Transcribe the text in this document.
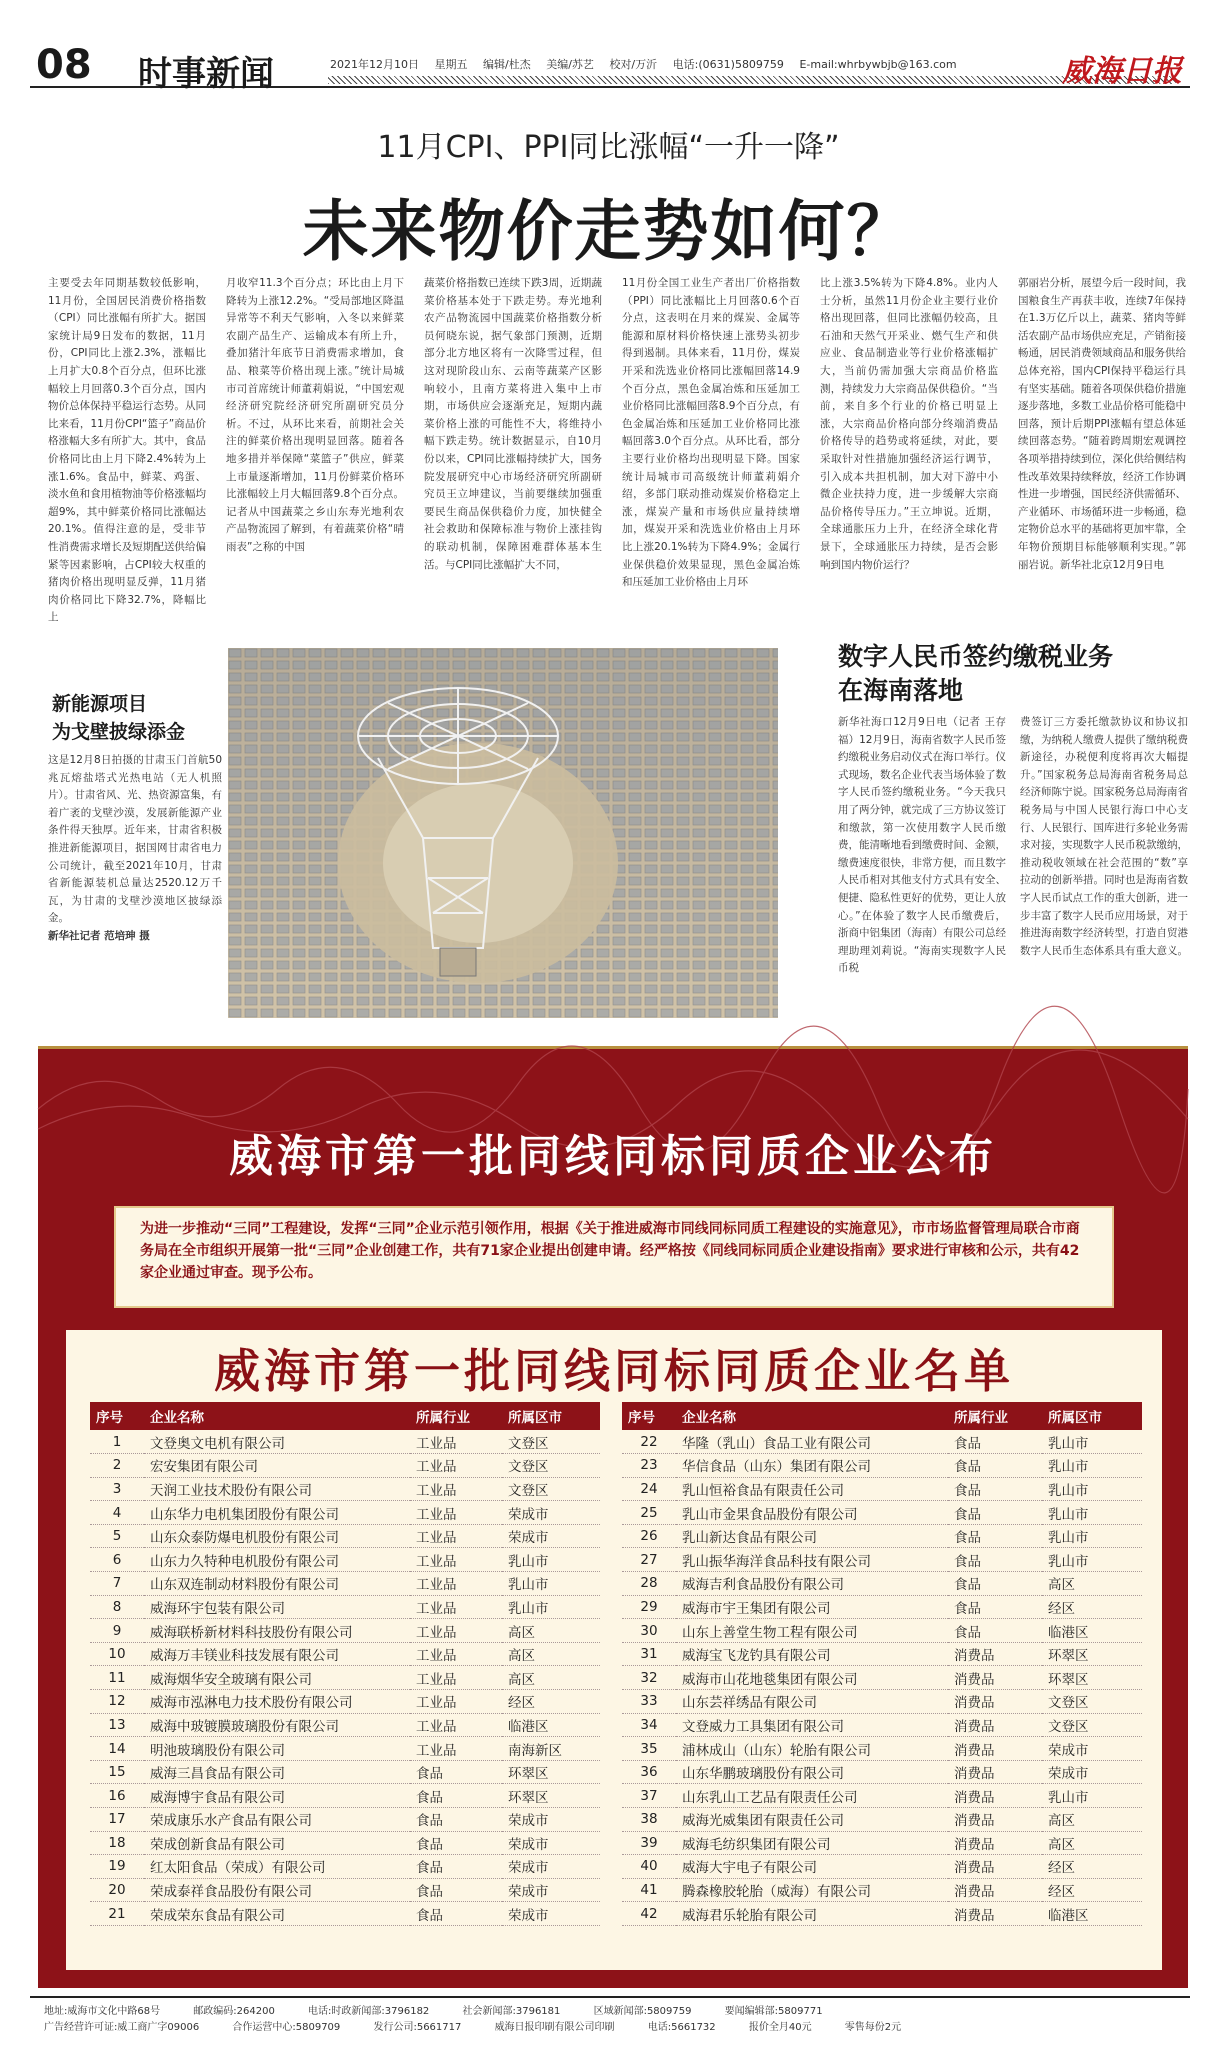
08 时事新闻	2021年12月10日 星期五 编辑/杜杰 美编/苏艺 校对/万沂 电话:(0631)5809759 E-mail:whrbywbjb@163.com	威海日报
11月CPI、PPI同比涨幅“一升一降”
未来物价走势如何？
主要受去年同期基数较低影响，11月份，全国居民消费价格指数（CPI）同比涨幅有所扩大。据国家统计局9日发布的数据，11月份，CPI同比上涨2.3%，涨幅比上月扩大0.8个百分点，但环比涨幅较上月回落0.3个百分点，国内物价总体保持平稳运行态势。从同比来看，11月份CPI“篮子”商品价格涨幅大多有所扩大。其中，食品价格同比由上月下降2.4%转为上涨1.6%。食品中，鲜菜、鸡蛋、淡水鱼和食用植物油等价格涨幅均超9%，其中鲜菜价格同比涨幅达20.1%。值得注意的是，受非节性消费需求增长及短期配送供给偏紧等因素影响，占CPI较大权重的猪肉价格出现明显反弹，11月猪肉价格同比下降32.7%，降幅比上
月收窄11.3个百分点；环比由上月下降转为上涨12.2%。“受局部地区降温异常等不利天气影响，入冬以来鲜菜农副产品生产、运输成本有所上升，叠加猪汁年底节日消费需求增加，食品、粮菜等价格出现上涨。”统计局城市司首席统计师董莉娟说，“中国宏观经济研究院经济研究所副研究员分析。不过，从环比来看，前期社会关注的鲜菜价格出现明显回落。随着各地多措并举保障“菜篮子”供应，鲜菜上市量逐渐增加，11月份鲜菜价格环比涨幅较上月大幅回落9.8个百分点。记者从中国蔬菜之乡山东寿光地利农产品物流园了解到，有着蔬菜价格“晴雨表”之称的中国
蔬菜价格指数已连续下跌3周，近期蔬菜价格基本处于下跌走势。寿光地利农产品物流园中国蔬菜价格指数分析员何晓东说，据气象部门预测，近期部分北方地区将有一次降雪过程，但这对现阶段山东、云南等蔬菜产区影响较小，且南方菜将进入集中上市期，市场供应会逐渐充足，短期内蔬菜价格上涨的可能性不大，将维持小幅下跌走势。统计数据显示，自10月份以来，CPI同比涨幅持续扩大，国务院发展研究中心市场经济研究所副研究员王立坤建议，当前要继续加强重要民生商品保供稳价力度，加快健全社会救助和保障标准与物价上涨挂钩的联动机制，保障困难群体基本生活。与CPI同比涨幅扩大不同，
11月份全国工业生产者出厂价格指数（PPI）同比涨幅比上月回落0.6个百分点，这表明在月来的煤炭、金属等能源和原材料价格快速上涨势头初步得到遏制。具体来看，11月份，煤炭开采和洗选业价格同比涨幅回落14.9个百分点，黑色金属冶炼和压延加工业价格同比涨幅回落8.9个百分点，有色金属冶炼和压延加工业价格同比涨幅回落3.0个百分点。从环比看，部分主要行业价格均出现明显下降。国家统计局城市司高级统计师董莉娟介绍，多部门联动推动煤炭价格稳定上涨，煤炭产量和市场供应量持续增加，煤炭开采和洗选业价格由上月环比上涨20.1%转为下降4.9%；金属行业保供稳价效果显现，黑色金属冶炼和压延加工业价格由上月环
比上涨3.5%转为下降4.8%。业内人士分析，虽然11月份企业主要行业价格出现回落，但同比涨幅仍较高，且石油和天然气开采业、燃气生产和供应业、食品制造业等行业价格涨幅扩大，当前仍需加强大宗商品价格监测，持续发力大宗商品保供稳价。“当前，来自多个行业的价格已明显上涨，大宗商品价格向部分终端消费品价格传导的趋势或将延续，对此，要采取针对性措施加强经济运行调节，引入成本共担机制，加大对下游中小微企业扶持力度，进一步缓解大宗商品价格传导压力。”王立坤说。近期，全球通胀压力上升，在经济全球化背景下，全球通胀压力持续，是否会影响到国内物价运行？
郭丽岩分析，展望今后一段时间，我国粮食生产再获丰收，连续7年保持在1.3万亿斤以上，蔬菜、猪肉等鲜活农副产品市场供应充足，产销衔接畅通，居民消费领域商品和服务供给总体充裕，国内CPI保持平稳运行具有坚实基础。随着各项保供稳价措施逐步落地，多数工业品价格可能稳中回落，预计后期PPI涨幅有望总体延续回落态势。“随着跨周期宏观调控各项举措持续到位，深化供给侧结构性改革效果持续释放，经济工作协调性进一步增强，国民经济供需循环、产业循环、市场循环进一步畅通，稳定物价总水平的基础将更加牢靠，全年物价预期目标能够顺利实现。”郭丽岩说。新华社北京12月9日电
新能源项目
为戈壁披绿添金
这是12月8日拍摄的甘肃玉门首航50兆瓦熔盐塔式光热电站（无人机照片）。甘肃省风、光、热资源富集，有着广袤的戈壁沙漠，发展新能源产业条件得天独厚。近年来，甘肃省积极推进新能源项目，据国网甘肃省电力公司统计，截至2021年10月，甘肃省新能源装机总量达2520.12万千瓦，为甘肃的戈壁沙漠地区披绿添金。
新华社记者 范培珅 摄
数字人民币签约缴税业务
在海南落地
新华社海口12月9日电（记者 王存福）12月9日，海南省数字人民币签约缴税业务启动仪式在海口举行。仪式现场，数名企业代表当场体验了数字人民币签约缴税业务。“今天我只用了两分钟，就完成了三方协议签订和缴款，第一次使用数字人民币缴费，能清晰地看到缴费时间、金额，缴费速度很快，非常方便，而且数字人民币相对其他支付方式具有安全、便捷、隐私性更好的优势，更让人放心。”在体验了数字人民币缴费后，浙商中铝集团（海南）有限公司总经理助理刘莉说。“海南实现数字人民币税
费签订三方委托缴款协议和协议扣缴，为纳税人缴费人提供了缴纳税费新途径，办税便利度将再次大幅提升。”国家税务总局海南省税务局总经济师陈宁说。国家税务总局海南省税务局与中国人民银行海口中心支行、人民银行、国库进行多轮业务需求对接，实现数字人民币税款缴纳，推动税收领域在社会范围的“数”享拉动的创新举措。同时也是海南省数字人民币试点工作的重大创新，进一步丰富了数字人民币应用场景，对于推进海南数字经济转型，打造自贸港数字人民币生态体系具有重大意义。
威海市第一批同线同标同质企业公布
为进一步推动“三同”工程建设，发挥“三同”企业示范引领作用，根据《关于推进威海市同线同标同质工程建设的实施意见》，市市场监督管理局联合市商务局在全市组织开展第一批“三同”企业创建工作，共有71家企业提出创建申请。经严格按《同线同标同质企业建设指南》要求进行审核和公示，共有42家企业通过审查。现予公布。
威海市第一批同线同标同质企业名单
序号	企业名称	所属行业	所属区市
1	文登奥文电机有限公司	工业品	文登区
2	宏安集团有限公司	工业品	文登区
3	天润工业技术股份有限公司	工业品	文登区
4	山东华力电机集团股份有限公司	工业品	荣成市
5	山东众泰防爆电机股份有限公司	工业品	荣成市
6	山东力久特种电机股份有限公司	工业品	乳山市
7	山东双连制动材料股份有限公司	工业品	乳山市
8	威海环宇包装有限公司	工业品	乳山市
9	威海联桥新材料科技股份有限公司	工业品	高区
10	威海万丰镁业科技发展有限公司	工业品	高区
11	威海烟华安全玻璃有限公司	工业品	高区
12	威海市泓淋电力技术股份有限公司	工业品	经区
13	威海中玻镀膜玻璃股份有限公司	工业品	临港区
14	明池玻璃股份有限公司	工业品	南海新区
15	威海三昌食品有限公司	食品	环翠区
16	威海博宇食品有限公司	食品	环翠区
17	荣成康乐水产食品有限公司	食品	荣成市
18	荣成创新食品有限公司	食品	荣成市
19	红太阳食品（荣成）有限公司	食品	荣成市
20	荣成泰祥食品股份有限公司	食品	荣成市
21	荣成荣东食品有限公司	食品	荣成市
序号	企业名称	所属行业	所属区市
22	华隆（乳山）食品工业有限公司	食品	乳山市
23	华信食品（山东）集团有限公司	食品	乳山市
24	乳山恒裕食品有限责任公司	食品	乳山市
25	乳山市金果食品股份有限公司	食品	乳山市
26	乳山新达食品有限公司	食品	乳山市
27	乳山振华海洋食品科技有限公司	食品	乳山市
28	威海吉利食品股份有限公司	食品	高区
29	威海市宇王集团有限公司	食品	经区
30	山东上善堂生物工程有限公司	食品	临港区
31	威海宝飞龙钓具有限公司	消费品	环翠区
32	威海市山花地毯集团有限公司	消费品	环翠区
33	山东芸祥绣品有限公司	消费品	文登区
34	文登威力工具集团有限公司	消费品	文登区
35	浦林成山（山东）轮胎有限公司	消费品	荣成市
36	山东华鹏玻璃股份有限公司	消费品	荣成市
37	山东乳山工艺品有限责任公司	消费品	乳山市
38	威海光威集团有限责任公司	消费品	高区
39	威海毛纺织集团有限公司	消费品	高区
40	威海大宇电子有限公司	消费品	经区
41	腾森橡胶轮胎（威海）有限公司	消费品	经区
42	威海君乐轮胎有限公司	消费品	临港区
地址:威海市文化中路68号	邮政编码:264200	电话:时政新闻部:3796182	社会新闻部:3796181	区域新闻部:5809759	要闻编辑部:5809771
广告经营许可证:威工商广字09006	合作运营中心:5809709	发行公司:5661717	威海日报印刷有限公司印刷	电话:5661732	报价全月40元	零售每份2元
